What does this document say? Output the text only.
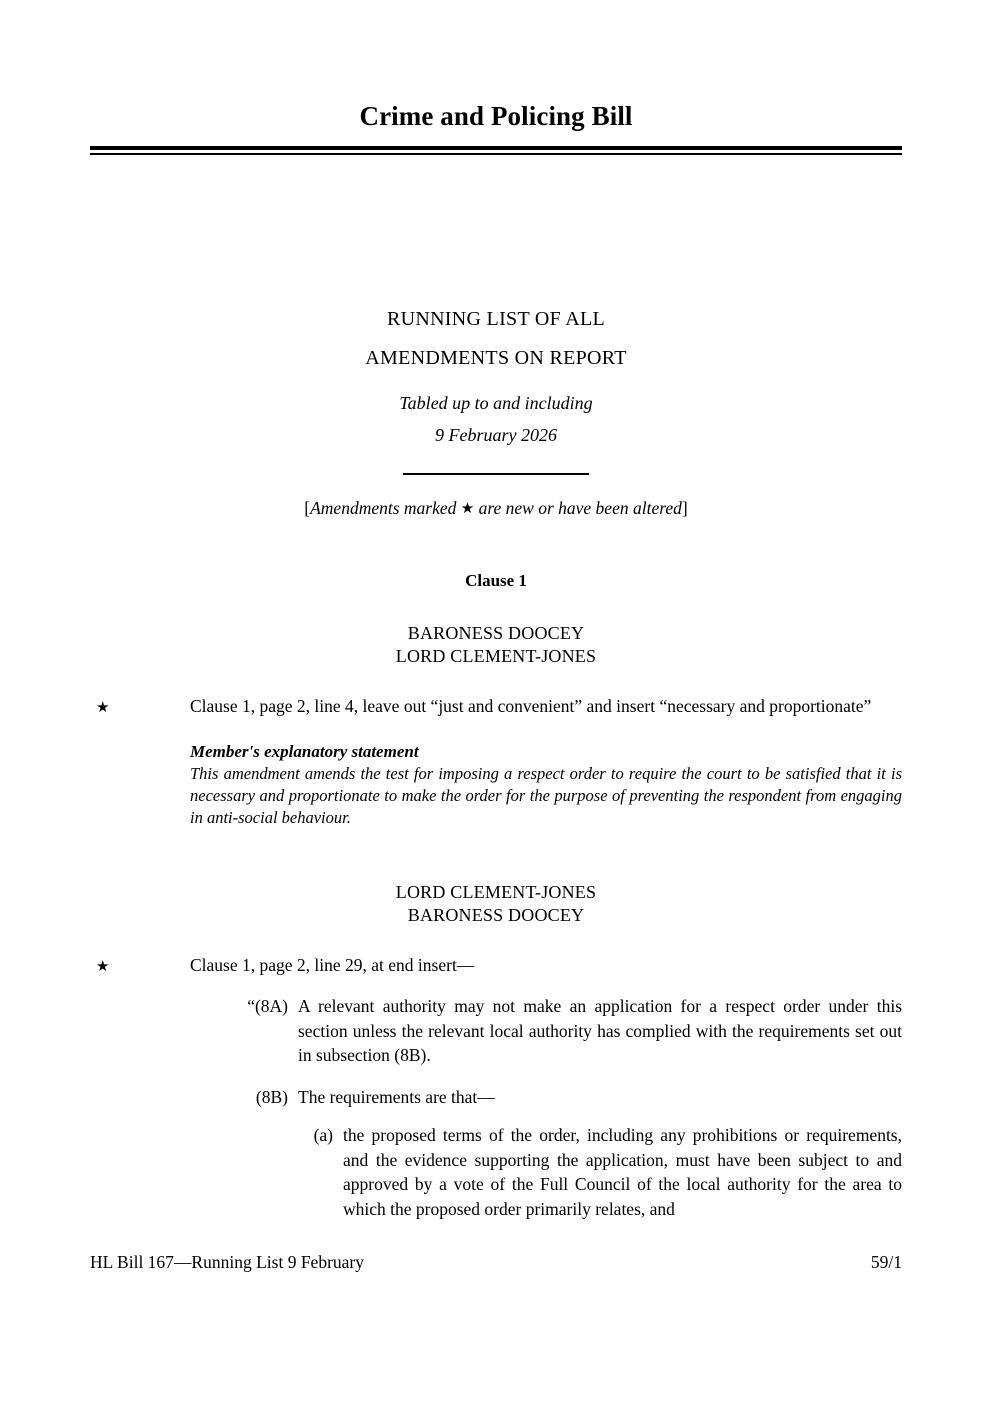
Crime and Policing Bill
RUNNING LIST OF ALL
AMENDMENTS ON REPORT
Tabled up to and including
9 February 2026
[Amendments marked ★ are new or have been altered]
Clause 1
BARONESS DOOCEY
LORD CLEMENT-JONES
★	Clause 1, page 2, line 4, leave out “just and convenient” and insert “necessary and proportionate”
Member's explanatory statement
This amendment amends the test for imposing a respect order to require the court to be satisfied that it is necessary and proportionate to make the order for the purpose of preventing the respondent from engaging in anti-social behaviour.
LORD CLEMENT-JONES
BARONESS DOOCEY
★	Clause 1, page 2, line 29, at end insert—
“(8A) A relevant authority may not make an application for a respect order under this section unless the relevant local authority has complied with the requirements set out in subsection (8B).
(8B) The requirements are that—
(a) the proposed terms of the order, including any prohibitions or requirements, and the evidence supporting the application, must have been subject to and approved by a vote of the Full Council of the local authority for the area to which the proposed order primarily relates, and
HL Bill 167—Running List 9 February	59/1
